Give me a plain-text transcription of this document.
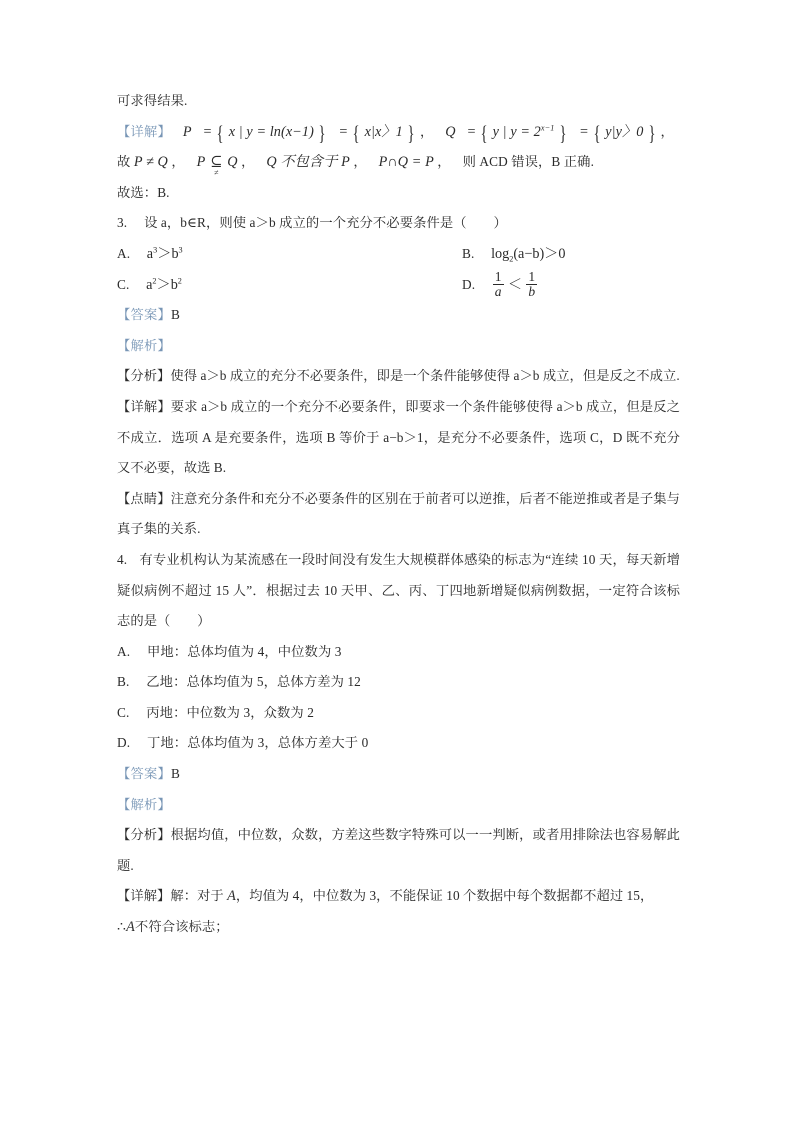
可求得结果.
【详解】 P = { x | y = ln(x−1) } = { x|x〉1 } ， Q = { y | $y = 2^{x-1}$ } = { y|y〉0 } ，
故 P ≠ Q ， P ⊆
≠
Q ， Q 不包含于 P ， P∩Q = P ， 则 ACD 错误，B 正确.
故选：B.
3. 设 a，b∈R，则使 a＞b 成立的一个充分不必要条件是（　　）
A. $a^3>b^3$	B. $\log_2(a-b)>0$
C. $a^2>b^2$	D. $\frac{1}{a} < \frac{1}{b}$
【答案】B
【解析】
【分析】使得 a＞b 成立的充分不必要条件，即是一个条件能够使得 a＞b 成立，但是反之不成立.
【详解】要求 a＞b 成立的一个充分不必要条件，即要求一个条件能够使得 a＞b 成立，但是反之不成立．选项 A 是充要条件，选项 B 等价于 a−b＞1，是充分不必要条件，选项 C，D 既不充分又不必要，故选 B.
【点睛】注意充分条件和充分不必要条件的区别在于前者可以逆推，后者不能逆推或者是子集与真子集的关系.
4. 有专业机构认为某流感在一段时间没有发生大规模群体感染的标志为“连续 10 天，每天新增疑似病例不超过 15 人”．根据过去 10 天甲、乙、丙、丁四地新增疑似病例数据，一定符合该标志的是（　　）
A. 甲地：总体均值为 4，中位数为 3
B. 乙地：总体均值为 5，总体方差为 12
C. 丙地：中位数为 3，众数为 2
D. 丁地：总体均值为 3，总体方差大于 0
【答案】B
【解析】
【分析】根据均值，中位数，众数，方差这些数字特殊可以一一判断，或者用排除法也容易解此题.
【详解】解：对于 A，均值为 4，中位数为 3，不能保证 10 个数据中每个数据都不超过 15，
∴A不符合该标志；
